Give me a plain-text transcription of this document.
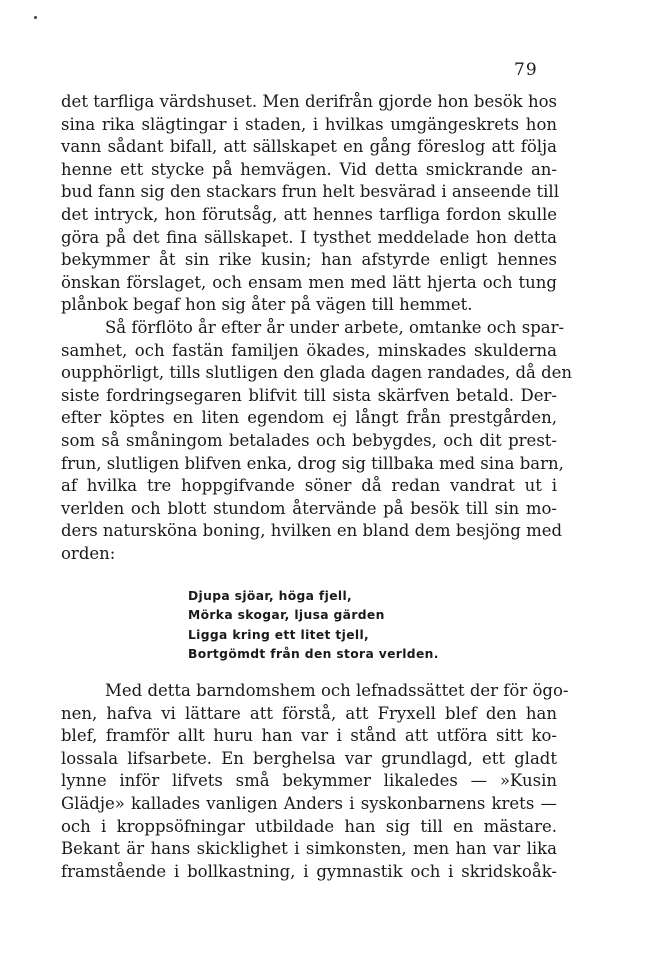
79
det tarfliga värdshuset. Men derifrån gjorde hon besök hos
sina rika slägtingar i staden, i hvilkas umgängeskrets hon
vann sådant bifall, att sällskapet en gång föreslog att följa
henne ett stycke på hemvägen. Vid detta smickrande an-
bud fann sig den stackars frun helt besvärad i anseende till
det intryck, hon förutsåg, att hennes tarfliga fordon skulle
göra på det fina sällskapet. I tysthet meddelade hon detta
bekymmer åt sin rike kusin; han afstyrde enligt hennes
önskan förslaget, och ensam men med lätt hjerta och tung
plånbok begaf hon sig åter på vägen till hemmet.
Så förflöto år efter år under arbete, omtanke och spar-
samhet, och fastän familjen ökades, minskades skulderna
oupphörligt, tills slutligen den glada dagen randades, då den
siste fordringsegaren blifvit till sista skärfven betald. Der-
efter köptes en liten egendom ej långt från prestgården,
som så småningom betalades och bebygdes, och dit prest-
frun, slutligen blifven enka, drog sig tillbaka med sina barn,
af hvilka tre hoppgifvande söner då redan vandrat ut i
verlden och blott stundom återvände på besök till sin mo-
ders natursköna boning, hvilken en bland dem besjöng med
orden:
Djupa sjöar, höga fjell,
Mörka skogar, ljusa gärden
Ligga kring ett litet tjell,
Bortgömdt från den stora verlden.
Med detta barndomshem och lefnadssättet der för ögo-
nen, hafva vi lättare att förstå, att Fryxell blef den han
blef, framför allt huru han var i stånd att utföra sitt ko-
lossala lifsarbete. En berghelsa var grundlagd, ett gladt
lynne inför lifvets små bekymmer likaledes — »Kusin
Glädje» kallades vanligen Anders i syskonbarnens krets —
och i kroppsöfningar utbildade han sig till en mästare.
Bekant är hans skicklighet i simkonsten, men han var lika
framstående i bollkastning, i gymnastik och i skridskoåk-
